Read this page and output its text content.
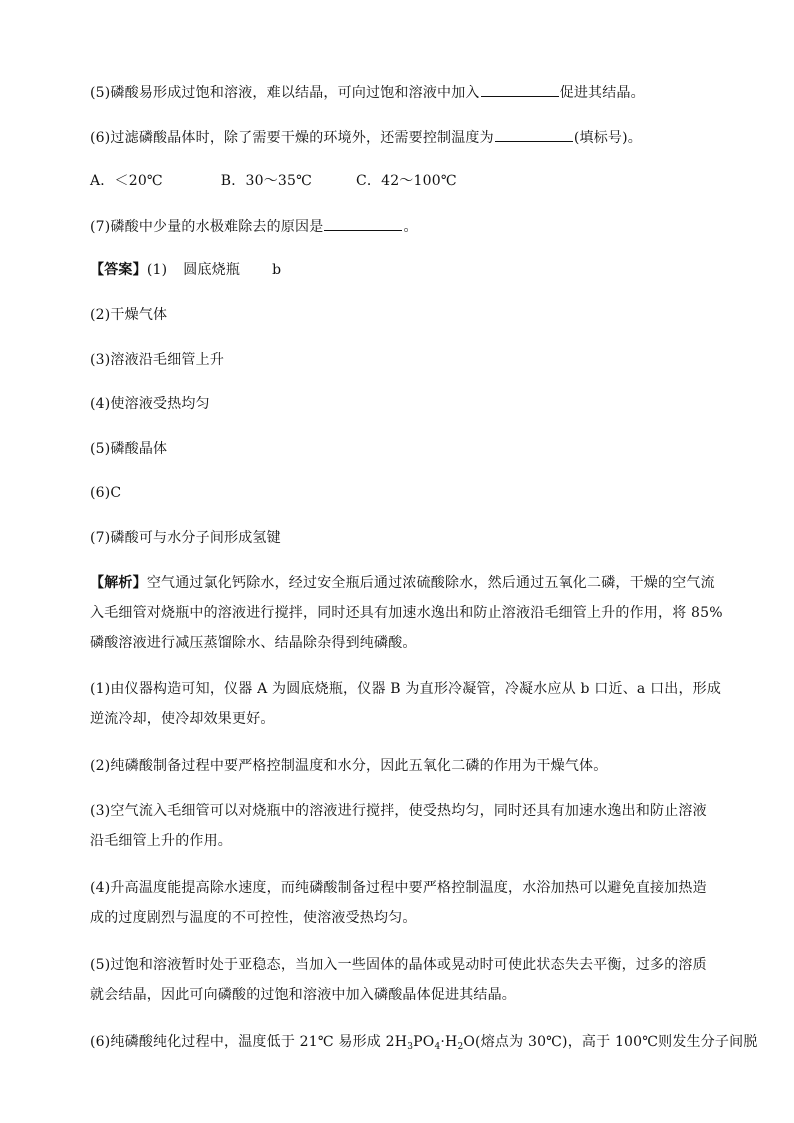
(5)磷酸易形成过饱和溶液，难以结晶，可向过饱和溶液中加入	促进其结晶。
(6)过滤磷酸晶体时，除了需要干燥的环境外，还需要控制温度为	(填标号)。
A．＜20℃	B．30～35℃	C．42～100℃
(7)磷酸中少量的水极难除去的原因是	。
【答案】(1) 圆底烧瓶 b
(2)干燥气体
(3)溶液沿毛细管上升
(4)使溶液受热均匀
(5)磷酸晶体
(6)C
(7)磷酸可与水分子间形成氢键
【解析】空气通过氯化钙除水，经过安全瓶后通过浓硫酸除水，然后通过五氧化二磷，干燥的空气流
入毛细管对烧瓶中的溶液进行搅拌，同时还具有加速水逸出和防止溶液沿毛细管上升的作用，将 85%
磷酸溶液进行减压蒸馏除水、结晶除杂得到纯磷酸。
(1)由仪器构造可知，仪器 A 为圆底烧瓶，仪器 B 为直形冷凝管，冷凝水应从 b 口近、a 口出，形成
逆流冷却，使冷却效果更好。
(2)纯磷酸制备过程中要严格控制温度和水分，因此五氧化二磷的作用为干燥气体。
(3)空气流入毛细管可以对烧瓶中的溶液进行搅拌，使受热均匀，同时还具有加速水逸出和防止溶液
沿毛细管上升的作用。
(4)升高温度能提高除水速度，而纯磷酸制备过程中要严格控制温度，水浴加热可以避免直接加热造
成的过度剧烈与温度的不可控性，使溶液受热均匀。
(5)过饱和溶液暂时处于亚稳态，当加入一些固体的晶体或晃动时可使此状态失去平衡，过多的溶质
就会结晶，因此可向磷酸的过饱和溶液中加入磷酸晶体促进其结晶。
(6)纯磷酸纯化过程中，温度低于 21℃ 易形成 $2H_3PO_4\cdot H_2O$(熔点为 30℃)，高于 100℃则发生分子间脱
